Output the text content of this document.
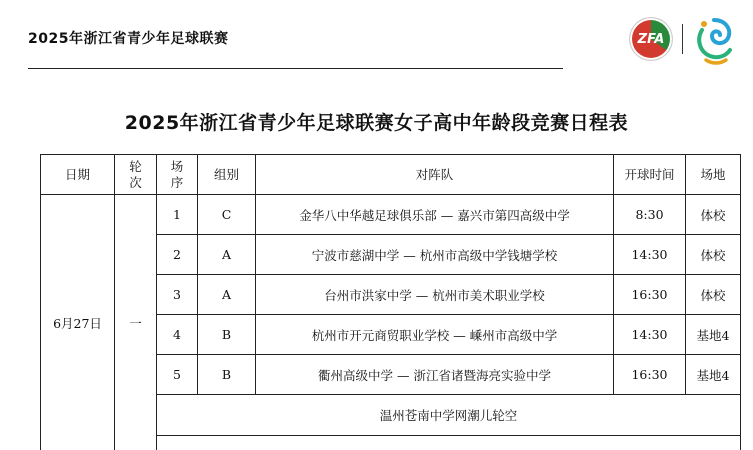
2025年浙江省青少年足球联赛	ZFA
2025年浙江省青少年足球联赛女子高中年龄段竞赛日程表
日期	轮次	场序	组别	对阵队	开球时间	场地
6月27日	一	1	C	金华八中华越足球俱乐部 — 嘉兴市第四高级中学	8:30	体校
		2	A	宁波市慈湖中学 — 杭州市高级中学钱塘学校	14:30	体校
		3	A	台州市洪家中学 — 杭州市美术职业学校	16:30	体校
		4	B	杭州市开元商贸职业学校 — 嵊州市高级中学	14:30	基地4
		5	B	衢州高级中学 — 浙江省诸暨海亮实验中学	16:30	基地4
		温州苍南中学网潮儿轮空				
